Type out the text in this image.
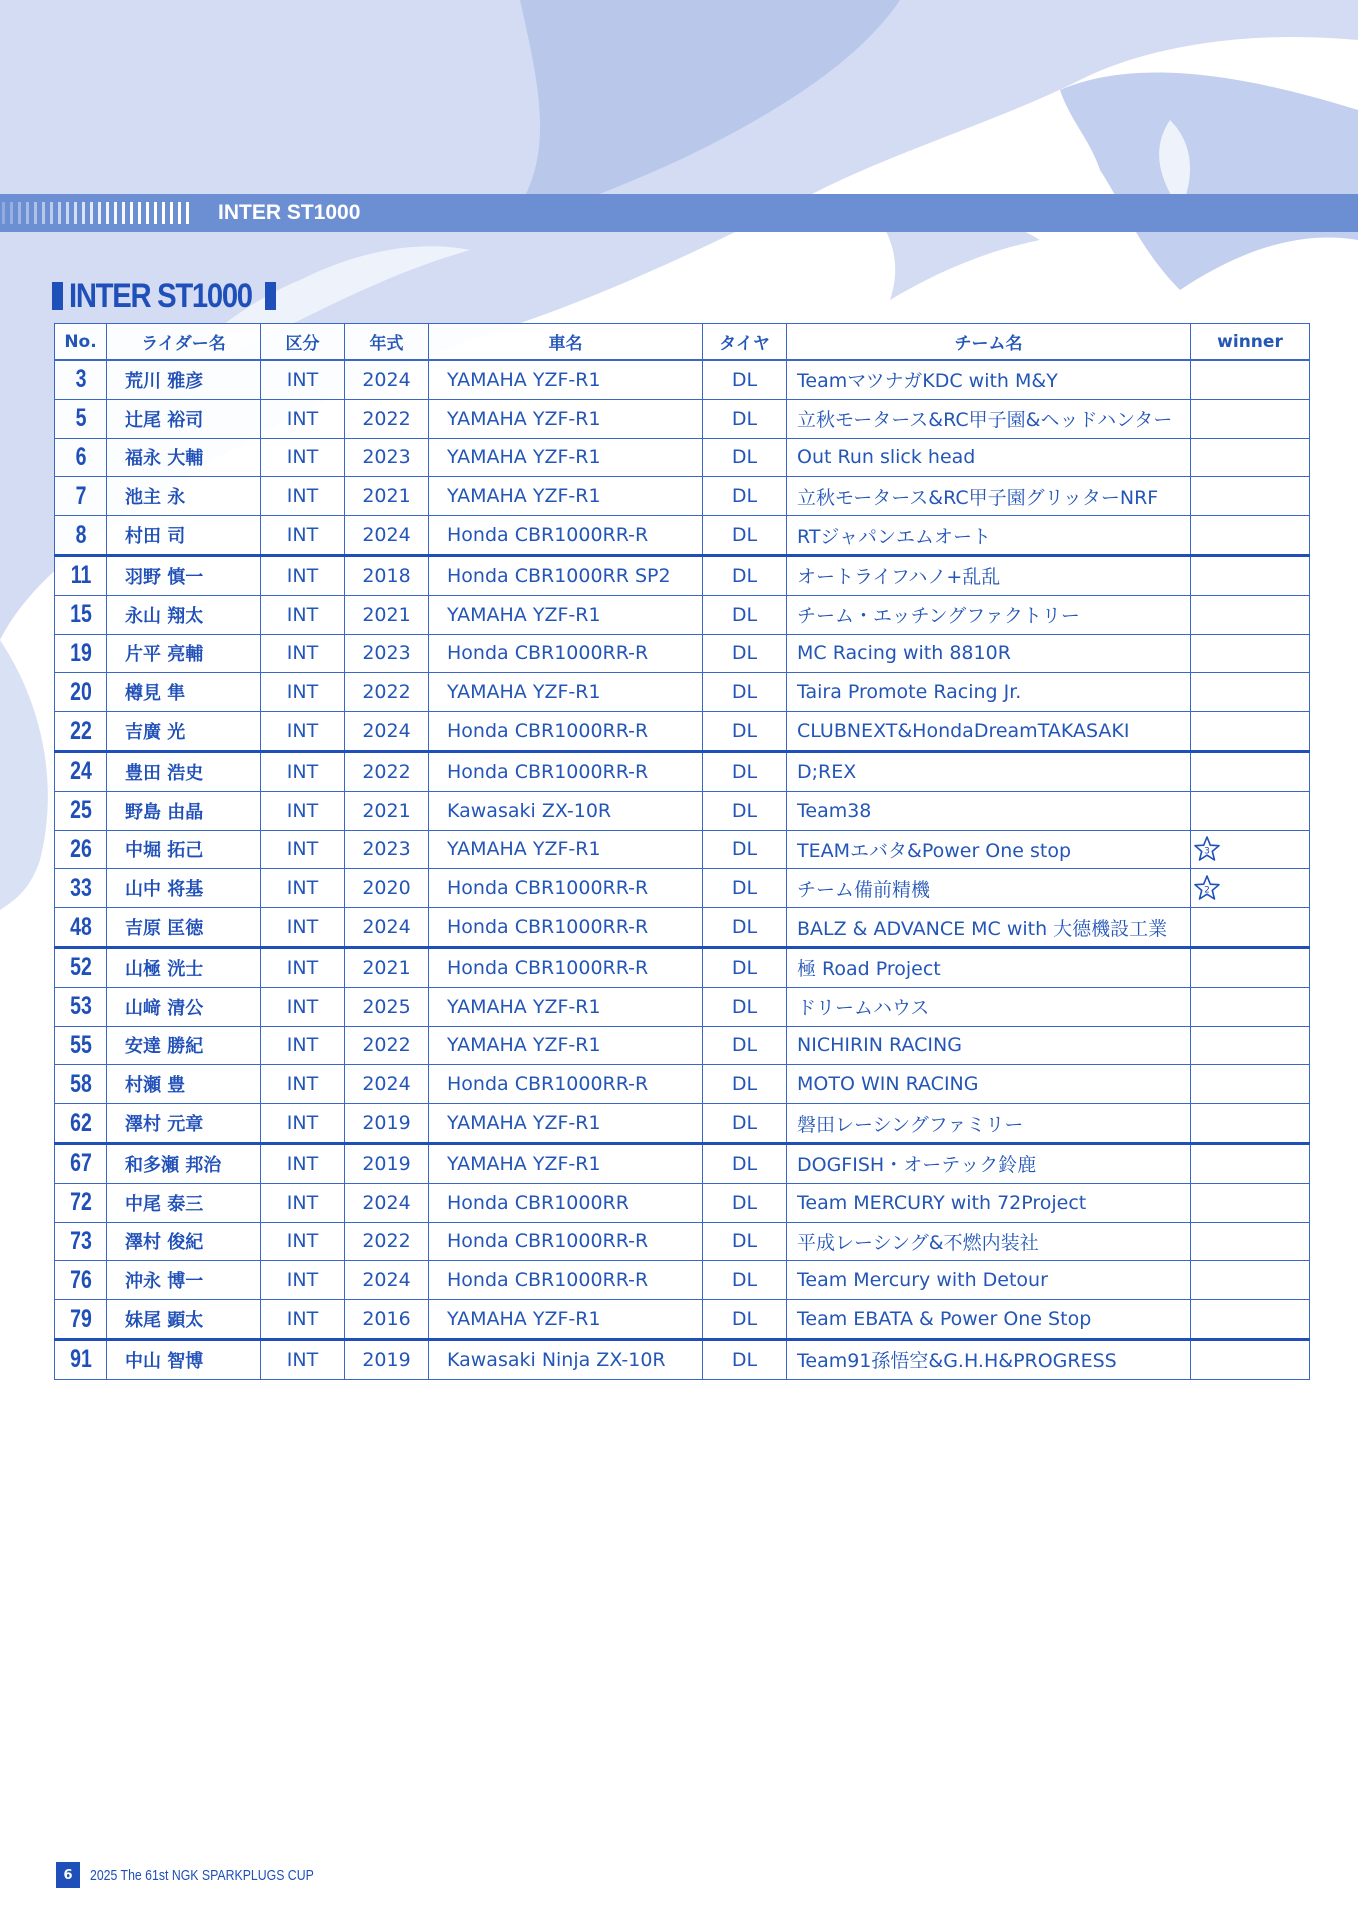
INTER ST1000
INTER ST1000
No.	ライダー名	区分	年式	車名	タイヤ	チーム名	winner
3	荒川 雅彦	INT	2024	YAMAHA YZF-R1	DL	TeamマツナガKDC with M&Y	
5	辻尾 裕司	INT	2022	YAMAHA YZF-R1	DL	立秋モータース&RC甲子園&ヘッドハンター	
6	福永 大輔	INT	2023	YAMAHA YZF-R1	DL	Out Run slick head	
7	池主 永	INT	2021	YAMAHA YZF-R1	DL	立秋モータース&RC甲子園グリッターNRF	
8	村田 司	INT	2024	Honda CBR1000RR-R	DL	RTジャパンエムオート	
11	羽野 慎一	INT	2018	Honda CBR1000RR SP2	DL	オートライフハノ+乱乱	
15	永山 翔太	INT	2021	YAMAHA YZF-R1	DL	チーム・エッチングファクトリー	
19	片平 亮輔	INT	2023	Honda CBR1000RR-R	DL	MC Racing with 8810R	
20	樽見 隼	INT	2022	YAMAHA YZF-R1	DL	Taira Promote Racing Jr.	
22	吉廣 光	INT	2024	Honda CBR1000RR-R	DL	CLUBNEXT&HondaDreamTAKASAKI	
24	豊田 浩史	INT	2022	Honda CBR1000RR-R	DL	D;REX	
25	野島 由晶	INT	2021	Kawasaki ZX-10R	DL	Team38	
26	中堀 拓己	INT	2023	YAMAHA YZF-R1	DL	TEAMエバタ&Power One stop	3

33	山中 将基	INT	2020	Honda CBR1000RR-R	DL	チーム備前精機	2

48	吉原 匡徳	INT	2024	Honda CBR1000RR-R	DL	BALZ & ADVANCE MC with 大德機設工業	
52	山極 洸士	INT	2021	Honda CBR1000RR-R	DL	極 Road Project	
53	山﨑 清公	INT	2025	YAMAHA YZF-R1	DL	ドリームハウス	
55	安達 勝紀	INT	2022	YAMAHA YZF-R1	DL	NICHIRIN RACING	
58	村瀬 豊	INT	2024	Honda CBR1000RR-R	DL	MOTO WIN RACING	
62	澤村 元章	INT	2019	YAMAHA YZF-R1	DL	磐田レーシングファミリー	
67	和多瀬 邦治	INT	2019	YAMAHA YZF-R1	DL	DOGFISH・オーテック鈴鹿	
72	中尾 泰三	INT	2024	Honda CBR1000RR	DL	Team MERCURY with 72Project	
73	澤村 俊紀	INT	2022	Honda CBR1000RR-R	DL	平成レーシング&不燃内装社	
76	沖永 博一	INT	2024	Honda CBR1000RR-R	DL	Team Mercury with Detour	
79	妹尾 顕太	INT	2016	YAMAHA YZF-R1	DL	Team EBATA & Power One Stop	
91	中山 智博	INT	2019	Kawasaki Ninja ZX-10R	DL	Team91孫悟空&G.H.H&PROGRESS	
6	2025 The 61st NGK SPARKPLUGS CUP
